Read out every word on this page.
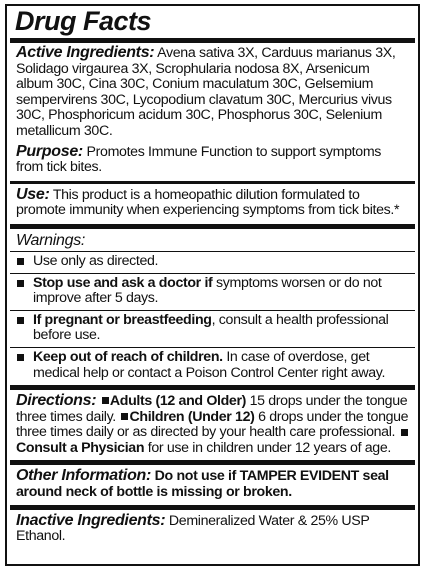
Drug Facts
Active Ingredients: Avena sativa 3X, Carduus marianus 3X, Solidago virgaurea 3X, Scrophularia nodosa 8X, Arsenicum album 30C, Cina 30C, Conium maculatum 30C, Gelsemium sempervirens 30C, Lycopodium clavatum 30C, Mercurius vivus 30C, Phosphoricum acidum 30C, Phosphorus 30C, Selenium metallicum 30C.
Purpose: Promotes Immune Function to support symptoms from tick bites.
Use: This product is a homeopathic dilution formulated to promote immunity when experiencing symptoms from tick bites.*
Warnings:
Use only as directed.
Stop use and ask a doctor if symptoms worsen or do not improve after 5 days.
If pregnant or breastfeeding, consult a health professional before use.
Keep out of reach of children. In case of overdose, get medical help or contact a Poison Control Center right away.
Directions: Adults (12 and Older) 15 drops under the tongue three times daily. Children (Under 12) 6 drops under the tongue three times daily or as directed by your health care professional. Consult a Physician for use in children under 12 years of age.
Other Information: Do not use if TAMPER EVIDENT seal around neck of bottle is missing or broken.
Inactive Ingredients: Demineralized Water & 25% USP Ethanol.
